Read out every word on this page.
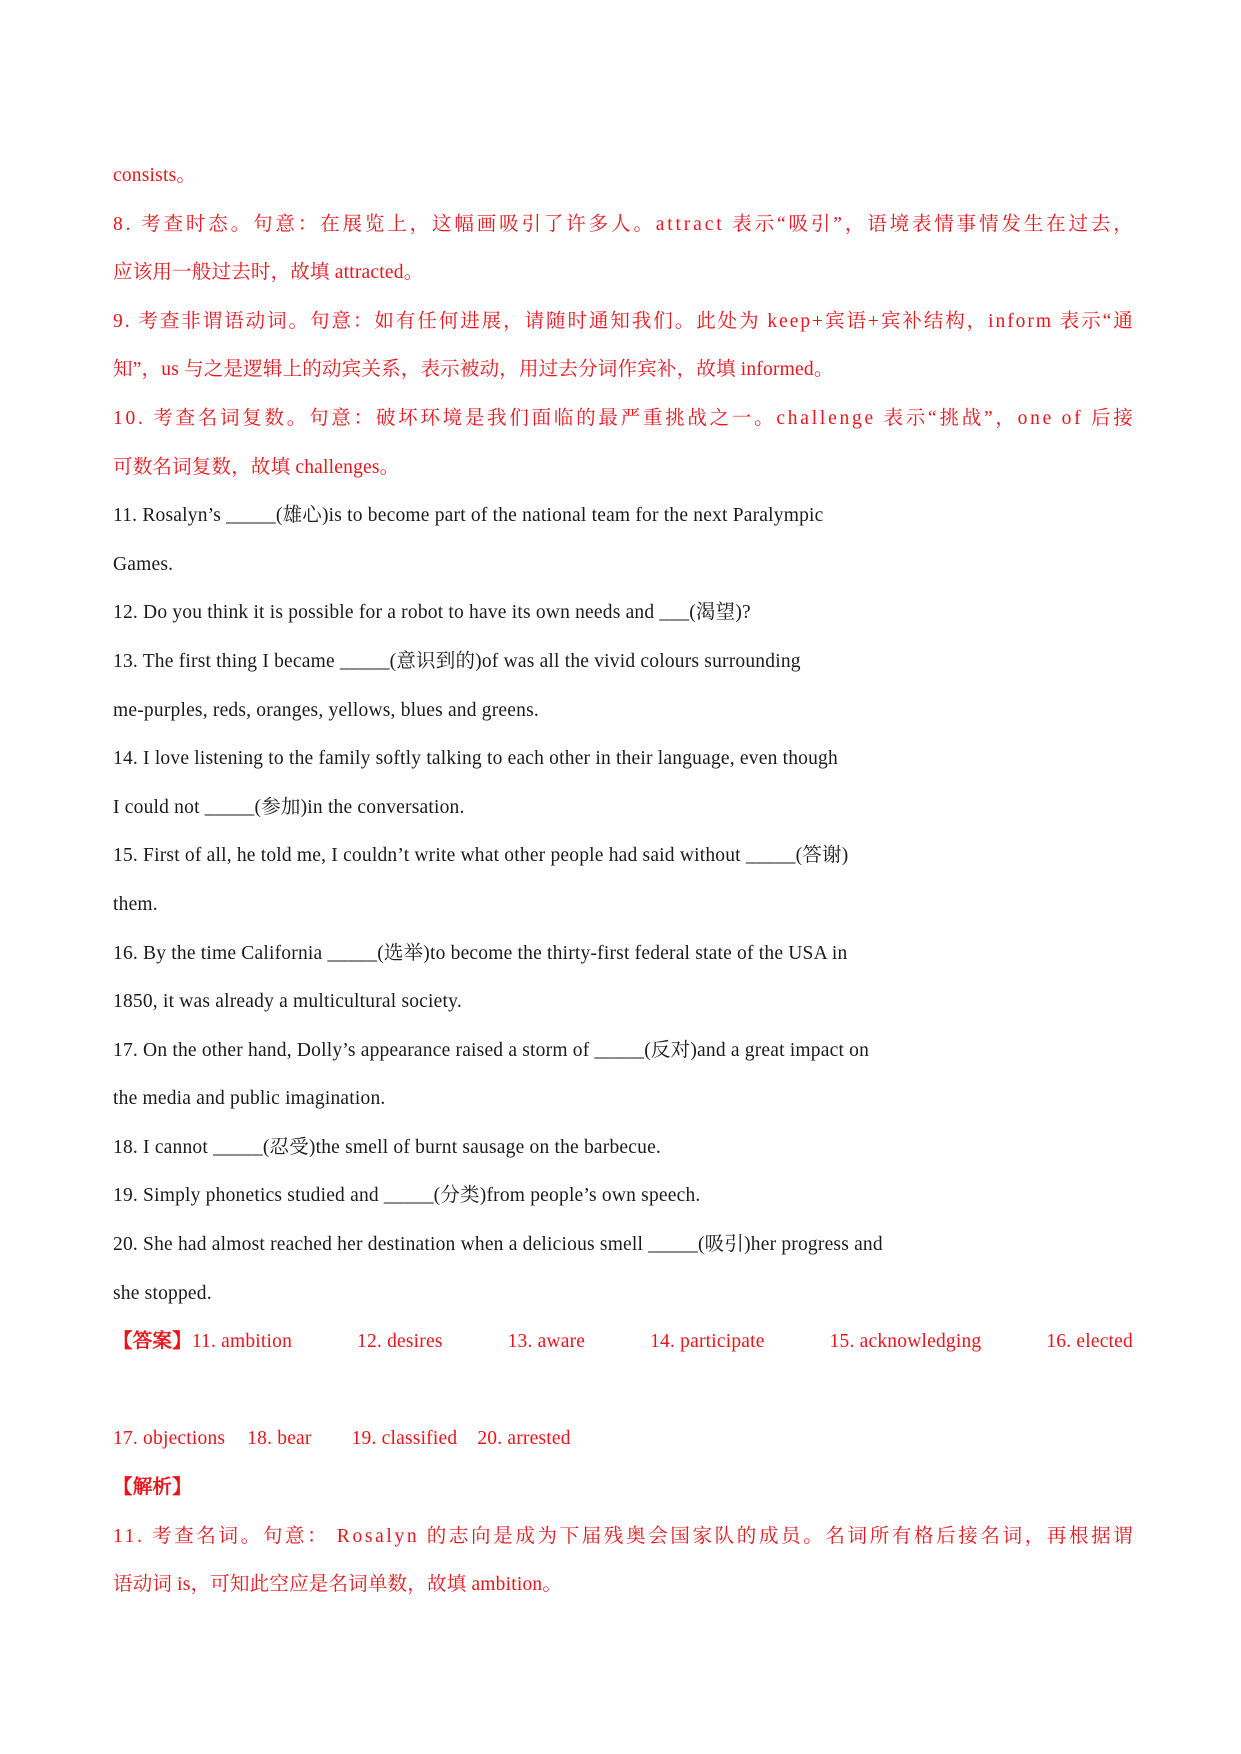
consists。
8. 考查时态。句意：在展览上，这幅画吸引了许多人。attract 表示“吸引”，语境表情事情发生在过去，
应该用一般过去时，故填 attracted。
9. 考查非谓语动词。句意：如有任何进展，请随时通知我们。此处为 keep+宾语+宾补结构，inform 表示“通
知”，us 与之是逻辑上的动宾关系，表示被动，用过去分词作宾补，故填 informed。
10. 考查名词复数。句意：破坏环境是我们面临的最严重挑战之一。challenge 表示“挑战”，one of 后接
可数名词复数，故填 challenges。
11. Rosalyn’s _____(雄心)is to become part of the national team for the next Paralympic
Games.
12. Do you think it is possible for a robot to have its own needs and ___(渴望)?
13. The first thing I became _____(意识到的)of was all the vivid colours surrounding
me-purples, reds, oranges, yellows, blues and greens.
14. I love listening to the family softly talking to each other in their language, even though
I could not _____(参加)in the conversation.
15. First of all, he told me, I couldn’t write what other people had said without _____(答谢)
them.
16. By the time California _____(选举)to become the thirty-first federal state of the USA in
1850, it was already a multicultural society.
17. On the other hand, Dolly’s appearance raised a storm of _____(反对)and a great impact on
the media and public imagination.
18. I cannot _____(忍受)the smell of burnt sausage on the barbecue.
19. Simply phonetics studied and _____(分类)from people’s own speech.
20. She had almost reached her destination when a delicious smell _____(吸引)her progress and
she stopped.
【答案】11. ambition	12. desires	13. aware	14. participate	15. acknowledging	16. elected
17. objections 18. bear 19. classified 20. arrested
【解析】
11. 考查名词。句意： Rosalyn 的志向是成为下届残奥会国家队的成员。名词所有格后接名词，再根据谓
语动词 is，可知此空应是名词单数，故填 ambition。
